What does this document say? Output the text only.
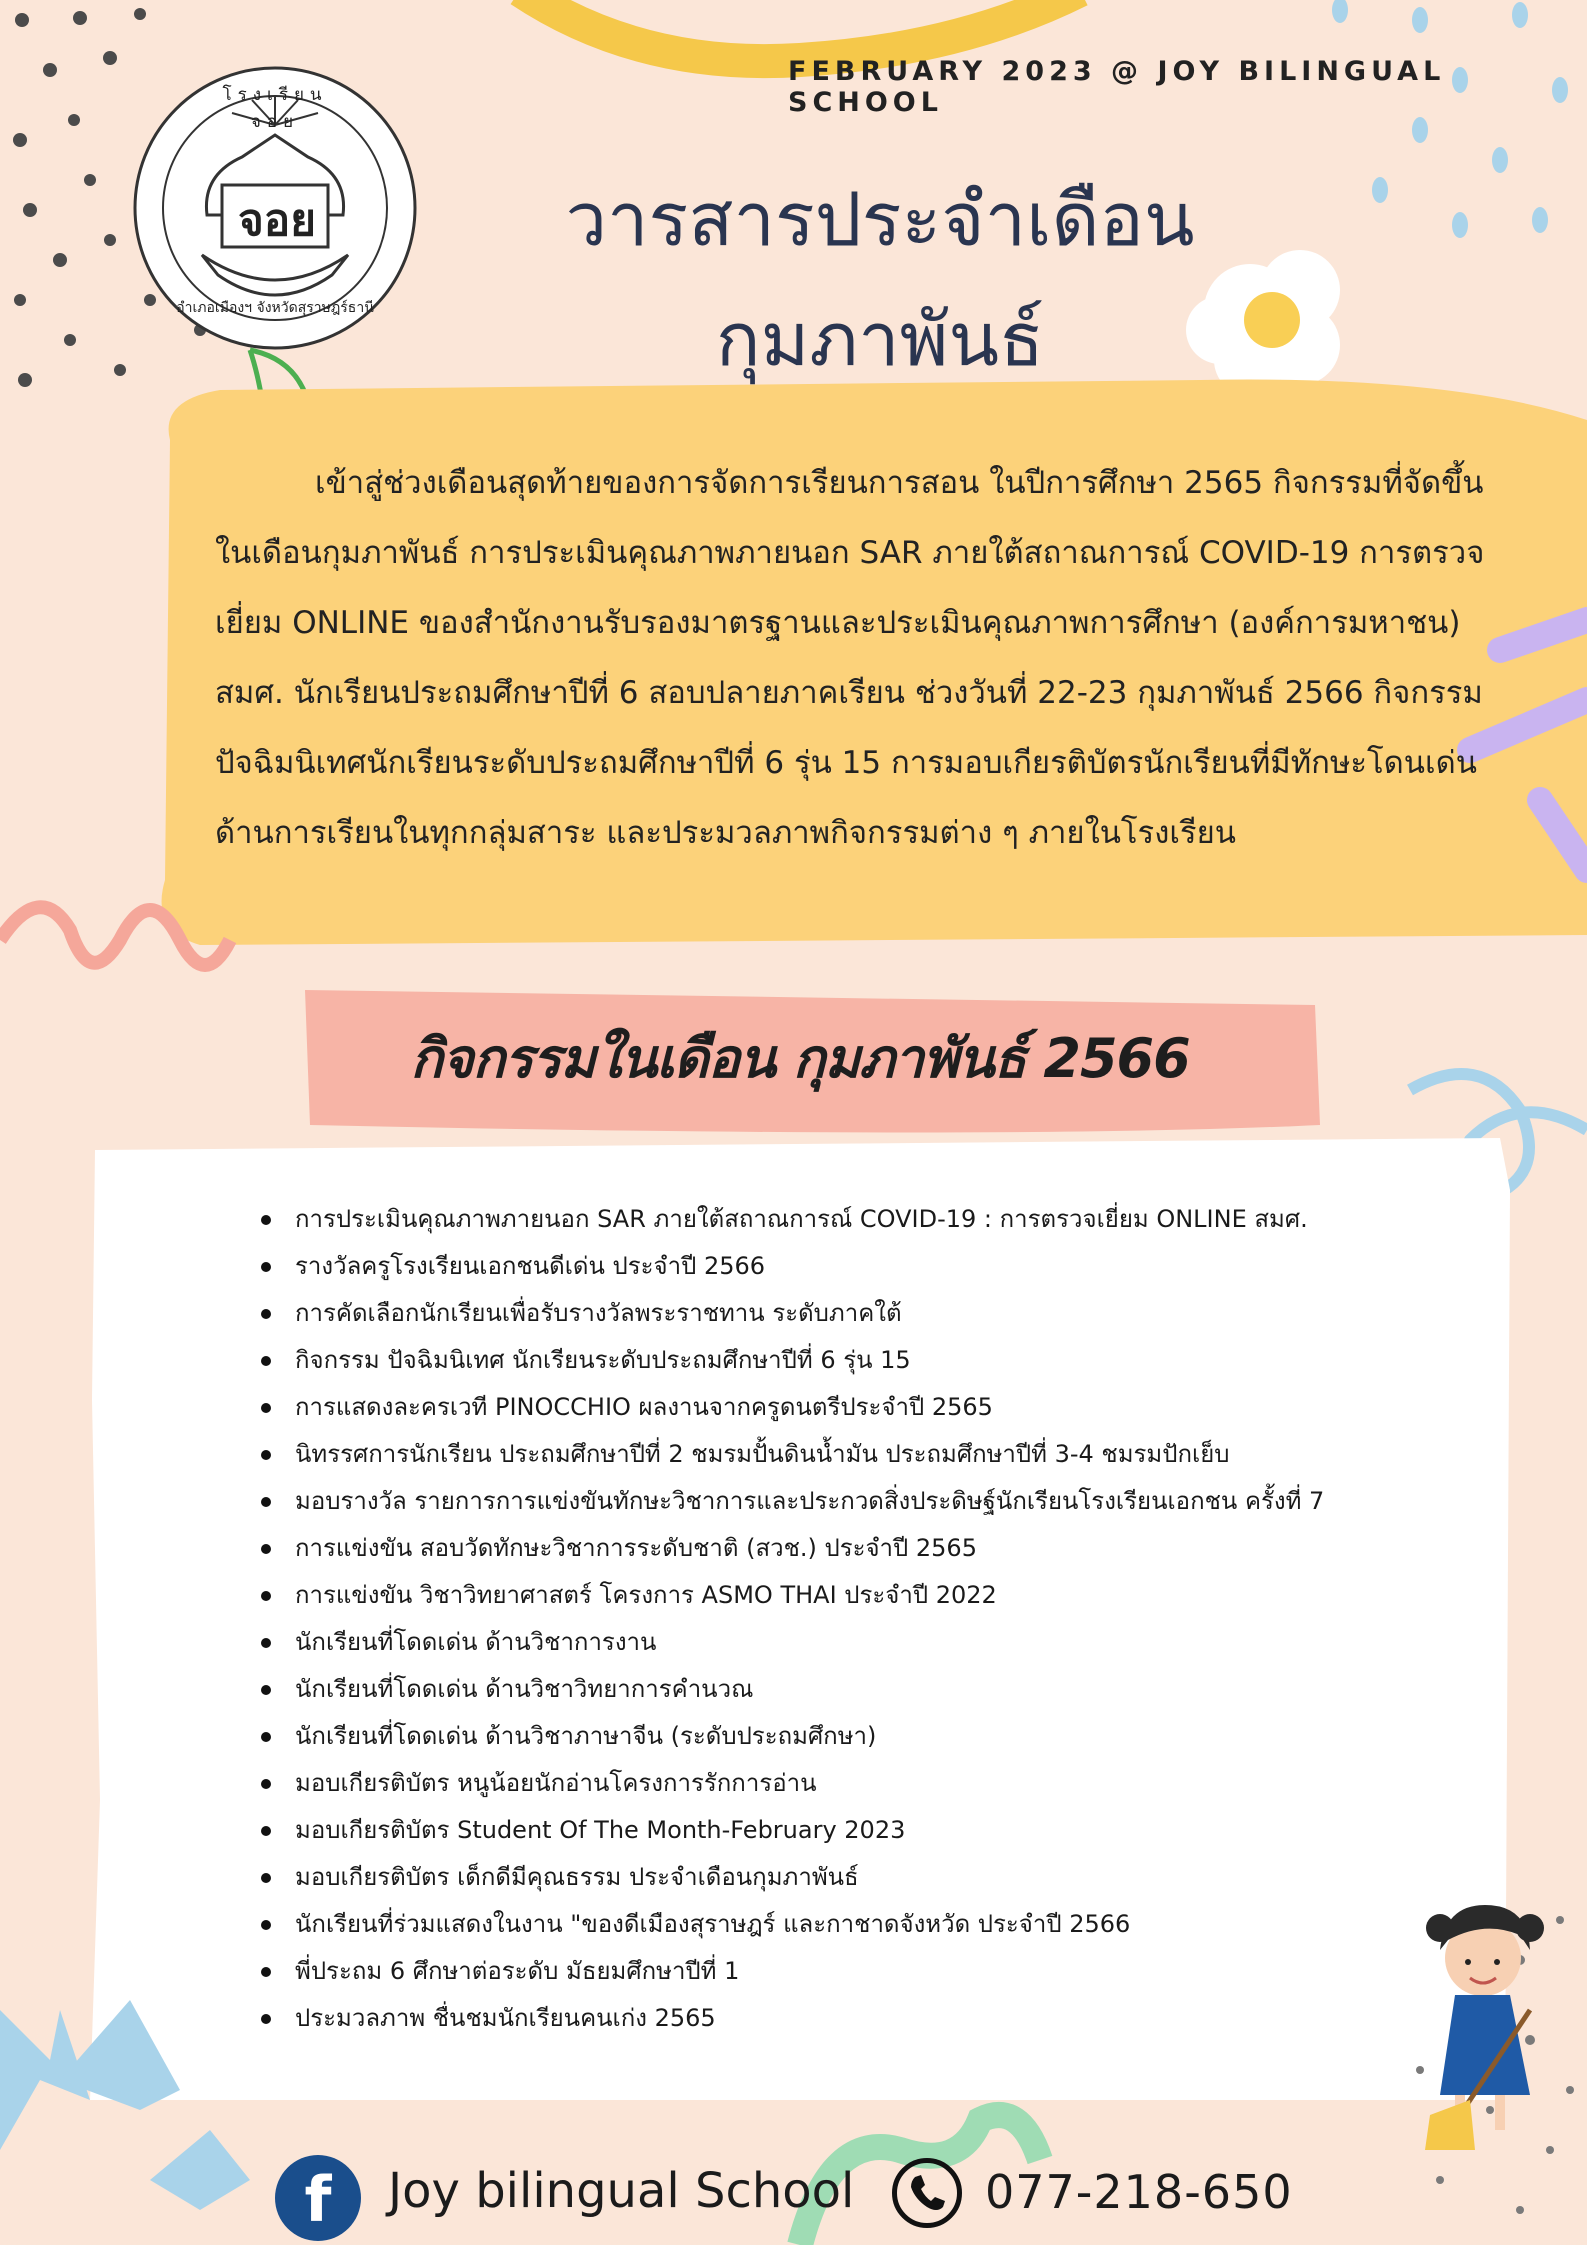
FEBRUARY 2023 @ JOY BILINGUAL SCHOOL
จอย
โรงเรียนจอย
อำเภอเมืองฯ จังหวัดสุราษฎร์ธานี
วารสารประจำเดือน
กุมภาพันธ์
เข้าสู่ช่วงเดือนสุดท้ายของการจัดการเรียนการสอน ในปีการศึกษา 2565 กิจกรรมที่จัดขึ้นในเดือนกุมภาพันธ์ การประเมินคุณภาพภายนอก SAR ภายใต้สถาณการณ์ COVID-19 การตรวจเยี่ยม ONLINE ของสำนักงานรับรองมาตรฐานและประเมินคุณภาพการศึกษา (องค์การมหาชน) สมศ. นักเรียนประถมศึกษาปีที่ 6 สอบปลายภาคเรียน ช่วงวันที่ 22-23 กุมภาพันธ์ 2566 กิจกรรมปัจฉิมนิเทศนักเรียนระดับประถมศึกษาปีที่ 6 รุ่น 15 การมอบเกียรติบัตรนักเรียนที่มีทักษะโดนเด่นด้านการเรียนในทุกกลุ่มสาระ และประมวลภาพกิจกรรมต่าง ๆ ภายในโรงเรียน
กิจกรรมในเดือน กุมภาพันธ์ 2566
การประเมินคุณภาพภายนอก SAR ภายใต้สถาณการณ์ COVID-19 : การตรวจเยี่ยม ONLINE สมศ.
รางวัลครูโรงเรียนเอกชนดีเด่น ประจำปี 2566
การคัดเลือกนักเรียนเพื่อรับรางวัลพระราชทาน ระดับภาคใต้
กิจกรรม ปัจฉิมนิเทศ นักเรียนระดับประถมศึกษาปีที่ 6 รุ่น 15
การแสดงละครเวที PINOCCHIO ผลงานจากครูดนตรีประจำปี 2565
นิทรรศการนักเรียน ประถมศึกษาปีที่ 2 ชมรมปั้นดินน้ำมัน ประถมศึกษาปีที่ 3-4 ชมรมปักเย็บ
มอบรางวัล รายการการแข่งขันทักษะวิชาการและประกวดสิ่งประดิษฐ์นักเรียนโรงเรียนเอกชน ครั้งที่ 7
การแข่งขัน สอบวัดทักษะวิชาการระดับชาติ (สวช.) ประจำปี 2565
การแข่งขัน วิชาวิทยาศาสตร์ โครงการ ASMO THAI ประจำปี 2022
นักเรียนที่โดดเด่น ด้านวิชาการงาน
นักเรียนที่โดดเด่น ด้านวิชาวิทยาการคำนวณ
นักเรียนที่โดดเด่น ด้านวิชาภาษาจีน (ระดับประถมศึกษา)
มอบเกียรติบัตร หนูน้อยนักอ่านโครงการรักการอ่าน
มอบเกียรติบัตร Student Of The Month-February 2023
มอบเกียรติบัตร เด็กดีมีคุณธรรม ประจำเดือนกุมภาพันธ์
นักเรียนที่ร่วมแสดงในงาน "ของดีเมืองสุราษฎร์ และกาชาดจังหวัด ประจำปี 2566
พี่ประถม 6 ศึกษาต่อระดับ มัธยมศึกษาปีที่ 1
ประมวลภาพ ชื่นชมนักเรียนคนเก่ง 2565
f	Joy bilingual School	077-218-650
